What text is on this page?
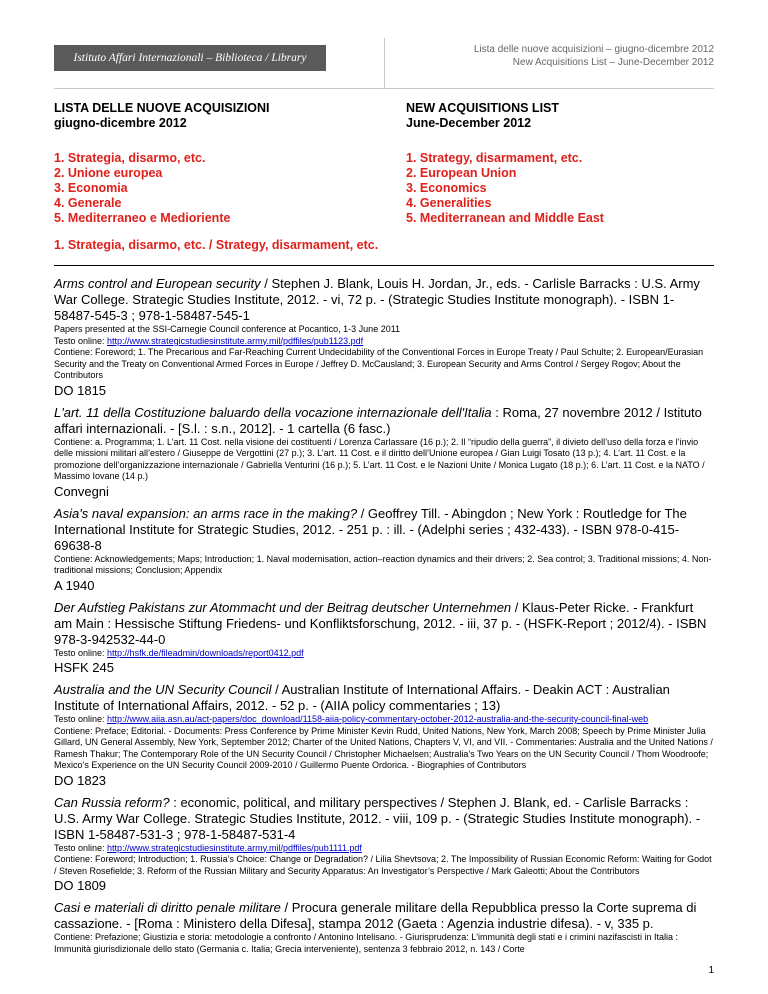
Istituto Affari Internazionali – Biblioteca / Library
Lista delle nuove acquisizioni – giugno-dicembre 2012
New Acquisitions List – June-December 2012

LISTA DELLE NUOVE ACQUISIZIONI

giugno-dicembre 2012

1. Strategia, disarmo, etc.
2. Unione europea
3. Economia
4. Generale
5. Mediterraneo e Medioriente

NEW ACQUISITIONS LIST

June-December 2012

1. Strategy, disarmament, etc.
2. European Union
3. Economics
4. Generalities
5. Mediterranean and Middle East
1. Strategia, disarmo, etc. / Strategy, disarmament, etc.

Arms control and European security / Stephen J. Blank, Louis H. Jordan, Jr., eds. - Carlisle Barracks : U.S. Army War College. Strategic Studies Institute, 2012. - vi, 72 p. - (Strategic Studies Institute monograph). - ISBN 1-58487-545-3 ; 978-1-58487-545-1

Papers presented at the SSI-Carnegie Council conference at Pocantico, 1-3 June 2011

Testo online: http://www.strategicstudiesinstitute.army.mil/pdffiles/pub1123.pdf

Contiene: Foreword; 1. The Precarious and Far-Reaching Current Undecidability of the Conventional Forces in Europe Treaty / Paul Schulte; 2. European/Eurasian Security and the Treaty on Conventional Armed Forces in Europe / Jeffrey D. McCausland; 3. European Security and Arms Control / Sergey Rogov; About the Contributors

DO 1815

L'art. 11 della Costituzione baluardo della vocazione internazionale dell'Italia : Roma, 27 novembre 2012 / Istituto affari internazionali. - [S.l. : s.n., 2012]. - 1 cartella (6 fasc.)

Contiene: a. Programma; 1. L’art. 11 Cost. nella visione dei costituenti / Lorenza Carlassare (16 p.); 2. Il “ripudio della guerra”, il divieto dell’uso della forza e l’invio delle missioni militari all’estero / Giuseppe de Vergottini (27 p.); 3. L’art. 11 Cost. e il diritto dell’Unione europea / Gian Luigi Tosato (13 p.); 4. L’art. 11 Cost. e la promozione dell’organizzazione internazionale / Gabriella Venturini (16 p.); 5. L’art. 11 Cost. e le Nazioni Unite / Monica Lugato (18 p.); 6. L’art. 11 Cost. e la NATO / Massimo Iovane (14 p.)

Convegni

Asia's naval expansion: an arms race in the making? / Geoffrey Till. - Abingdon ; New York : Routledge for The International Institute for Strategic Studies, 2012. - 251 p. : ill. - (Adelphi series ; 432-433). - ISBN 978-0-415-69638-8

Contiene: Acknowledgements; Maps; Introduction; 1. Naval modernisation, action–reaction dynamics and their drivers; 2. Sea control; 3. Traditional missions; 4. Non-traditional missions; Conclusion; Appendix

A 1940

Der Aufstieg Pakistans zur Atommacht und der Beitrag deutscher Unternehmen / Klaus-Peter Ricke. - Frankfurt am Main : Hessische Stiftung Friedens- und Konfliktsforschung, 2012. - iii, 37 p. - (HSFK-Report ; 2012/4). - ISBN 978-3-942532-44-0

Testo online: http://hsfk.de/fileadmin/downloads/report0412.pdf

HSFK 245

Australia and the UN Security Council / Australian Institute of International Affairs. - Deakin ACT : Australian Institute of International Affairs, 2012. - 52 p. - (AIIA policy commentaries ; 13)

Testo online: http://www.aiia.asn.au/act-papers/doc_download/1158-aiia-policy-commentary-october-2012-australia-and-the-security-council-final-web

Contiene: Preface; Editorial. - Documents: Press Conference by Prime Minister Kevin Rudd, United Nations, New York, March 2008; Speech by Prime Minister Julia Gillard, UN General Assembly, New York, September 2012; Charter of the United Nations, Chapters V, VI, and VII. - Commentaries: Australia and the United Nations / Ramesh Thakur; The Contemporary Role of the UN Security Council / Christopher Michaelsen; Australia’s Two Years on the UN Security Council / Thom Woodroofe; Mexico’s Experience on the UN Security Council 2009-2010 / Guillermo Puente Ordorica. - Biographies of Contributors

DO 1823

Can Russia reform? : economic, political, and military perspectives / Stephen J. Blank, ed. - Carlisle Barracks : U.S. Army War College. Strategic Studies Institute, 2012. - viii, 109 p. - (Strategic Studies Institute monograph). - ISBN 1-58487-531-3 ; 978-1-58487-531-4

Testo online: http://www.strategicstudiesinstitute.army.mil/pdffiles/pub1111.pdf

Contiene: Foreword; Introduction; 1. Russia’s Choice: Change or Degradation? / Lilia Shevtsova; 2. The Impossibility of Russian Economic Reform: Waiting for Godot / Steven Rosefielde; 3. Reform of the Russian Military and Security Apparatus: An Investigator’s Perspective / Mark Galeotti; About the Contributors

DO 1809

Casi e materiali di diritto penale militare / Procura generale militare della Repubblica presso la Corte suprema di cassazione. - [Roma : Ministero della Difesa], stampa 2012 (Gaeta : Agenzia industrie difesa). - v, 335 p.

Contiene: Prefazione; Giustizia e storia: metodologie a confronto / Antonino Intelisano. - Giurisprudenza: L'immunità degli stati e i crimini nazifascisti in Italia : Immunità giurisdizionale dello stato (Germania c. Italia; Grecia interveniente), sentenza 3 febbraio 2012, n. 143 / Corte

1
